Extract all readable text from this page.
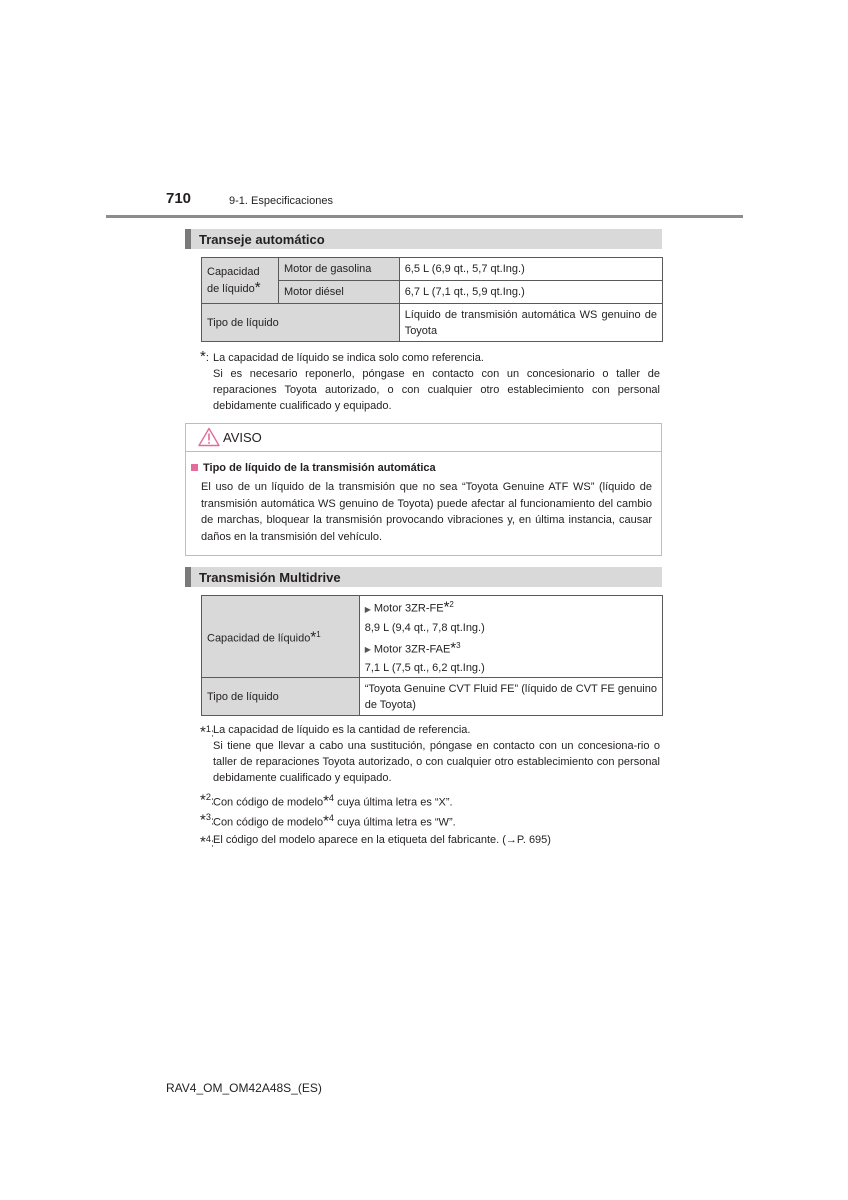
710	9-1. Especificaciones
Transeje automático
Capacidad
de líquido*	Motor de gasolina	6,5 L (6,9 qt., 5,7 qt.Ing.)
	Motor diésel	6,7 L (7,1 qt., 5,9 qt.Ing.)
Tipo de líquido		Líquido de transmisión automática WS genuino de Toyota
*: La capacidad de líquido se indica solo como referencia.
Si es necesario reponerlo, póngase en contacto con un concesionario o taller de reparaciones Toyota autorizado, o con cualquier otro establecimiento con personal debidamente cualificado y equipado.
AVISO
Tipo de líquido de la transmisión automática
El uso de un líquido de la transmisión que no sea “Toyota Genuine ATF WS” (líquido de transmisión automática WS genuino de Toyota) puede afectar al funcionamiento del cambio de marchas, bloquear la transmisión provocando vibraciones y, en última instancia, causar daños en la transmisión del vehículo.
Transmisión Multidrive
Capacidad de líquido*$^1$	▶ Motor 3ZR-FE*$^2$
8,9 L (9,4 qt., 7,8 qt.Ing.)
▶ Motor 3ZR-FAE*$^3$
7,1 L (7,5 qt., 6,2 qt.Ing.)

Tipo de líquido	“Toyota Genuine CVT Fluid FE” (líquido de CVT FE genuino de Toyota)
*$^1$: La capacidad de líquido es la cantidad de referencia.
Si tiene que llevar a cabo una sustitución, póngase en contacto con un concesiona-rio o taller de reparaciones Toyota autorizado, o con cualquier otro establecimiento con personal debidamente cualificado y equipado.
*$^2$: Con código de modelo*$^4$ cuya última letra es “X”.
*$^3$: Con código de modelo*$^4$ cuya última letra es “W”.
*$^4$: El código del modelo aparece en la etiqueta del fabricante. (→P. 695)
RAV4_OM_OM42A48S_(ES)
